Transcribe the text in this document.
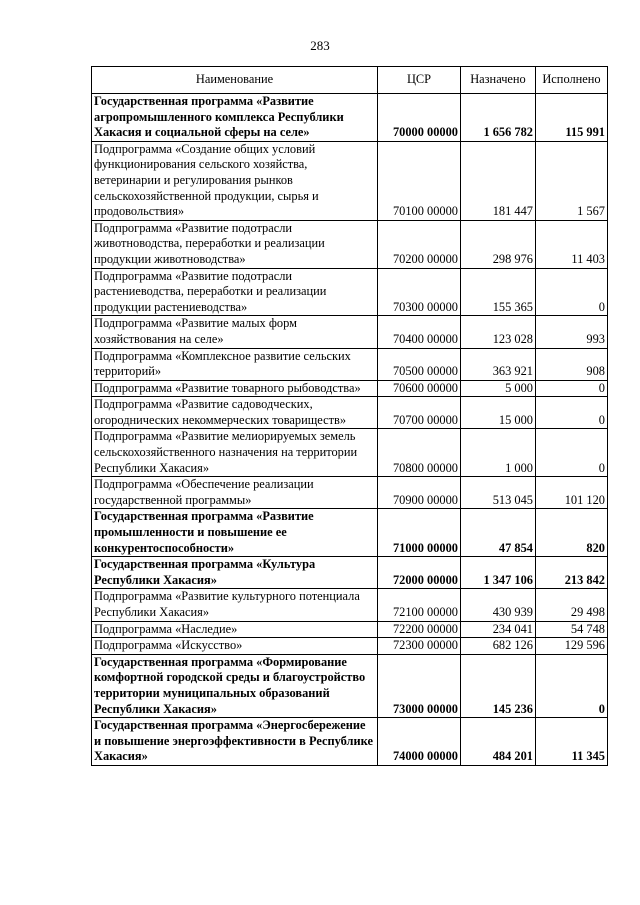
283
Наименование	ЦСР	Назначено	Исполнено
Государственная программа «Развитие агропромышленного комплекса Республики Хакасия и социальной сферы на селе»	70000 00000	1 656 782	115 991
Подпрограмма «Создание общих условий функционирования сельского хозяйства, ветеринарии и регулирования рынков сельскохозяйственной продукции, сырья и продовольствия»	70100 00000	181 447	1 567
Подпрограмма «Развитие подотрасли животноводства, переработки и реализации продукции животноводства»	70200 00000	298 976	11 403
Подпрограмма «Развитие подотрасли растениеводства, переработки и реализации продукции растениеводства»	70300 00000	155 365	0
Подпрограмма «Развитие малых форм хозяйствования на селе»	70400 00000	123 028	993
Подпрограмма «Комплексное развитие сельских территорий»	70500 00000	363 921	908
Подпрограмма «Развитие товарного рыбоводства»	70600 00000	5 000	0
Подпрограмма «Развитие садоводческих, огороднических некоммерческих товариществ»	70700 00000	15 000	0
Подпрограмма «Развитие мелиорируемых земель сельскохозяйственного назначения на территории Республики Хакасия»	70800 00000	1 000	0
Подпрограмма «Обеспечение реализации государственной программы»	70900 00000	513 045	101 120
Государственная программа «Развитие промышленности и повышение ее конкурентоспособности»	71000 00000	47 854	820
Государственная программа «Культура Республики Хакасия»	72000 00000	1 347 106	213 842
Подпрограмма «Развитие культурного потенциала Республики Хакасия»	72100 00000	430 939	29 498
Подпрограмма «Наследие»	72200 00000	234 041	54 748
Подпрограмма «Искусство»	72300 00000	682 126	129 596
Государственная программа «Формирование комфортной городской среды и благоустройство территории муниципальных образований Республики Хакасия»	73000 00000	145 236	0
Государственная программа «Энергосбережение и повышение энергоэффективности в Республике Хакасия»	74000 00000	484 201	11 345
